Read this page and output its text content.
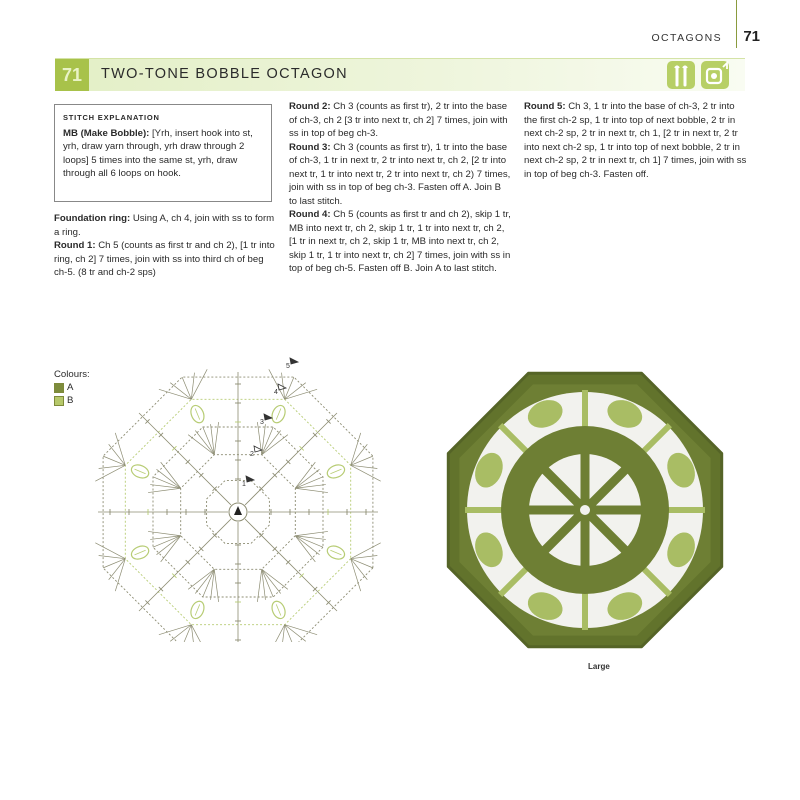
OCTAGONS 71
71	TWO-TONE BOBBLE OCTAGON
STITCH EXPLANATION
MB (Make Bobble): [Yrh, insert hook into st, yrh, draw yarn through, yrh draw through 2 loops] 5 times into the same st, yrh, draw through all 6 loops on hook.

Foundation ring: Using A, ch 4, join with ss to form a ring.

Round 1: Ch 5 (counts as first tr and ch 2), [1 tr into ring, ch 2] 7 times, join with ss into third ch of beg ch-5. (8 tr and ch-2 sps)

Round 2: Ch 3 (counts as first tr), 2 tr into the base of ch-3, ch 2 [3 tr into next tr, ch 2] 7 times, join with ss in top of beg ch-3.

Round 3: Ch 3 (counts as first tr), 1 tr into the base of ch-3, 1 tr in next tr, 2 tr into next tr, ch 2, [2 tr into next tr, 1 tr into next tr, 2 tr into next tr, ch 2) 7 times, join with ss in top of beg ch-3. Fasten off A. Join B to last stitch.

Round 4: Ch 5 (counts as first tr and ch 2), skip 1 tr, MB into next tr, ch 2, skip 1 tr, 1 tr into next tr, ch 2, [1 tr in next tr, ch 2, skip 1 tr, MB into next tr, ch 2, skip 1 tr, 1 tr into next tr, ch 2] 7 times, join with ss in top of beg ch-5. Fasten off B. Join A to last stitch.

Round 5: Ch 3, 1 tr into the base of ch-3, 2 tr into the first ch-2 sp, 1 tr into top of next bobble, 2 tr in next ch-2 sp, 2 tr in next tr, ch 1, [2 tr in next tr, 2 tr into next ch-2 sp, 1 tr into top of next bobble, 2 tr in next ch-2 sp, 2 tr in next tr, ch 1] 7 times, join with ss in top of beg ch-3. Fasten off.

Colours:
A
B
1
2
3
4
5
Large
